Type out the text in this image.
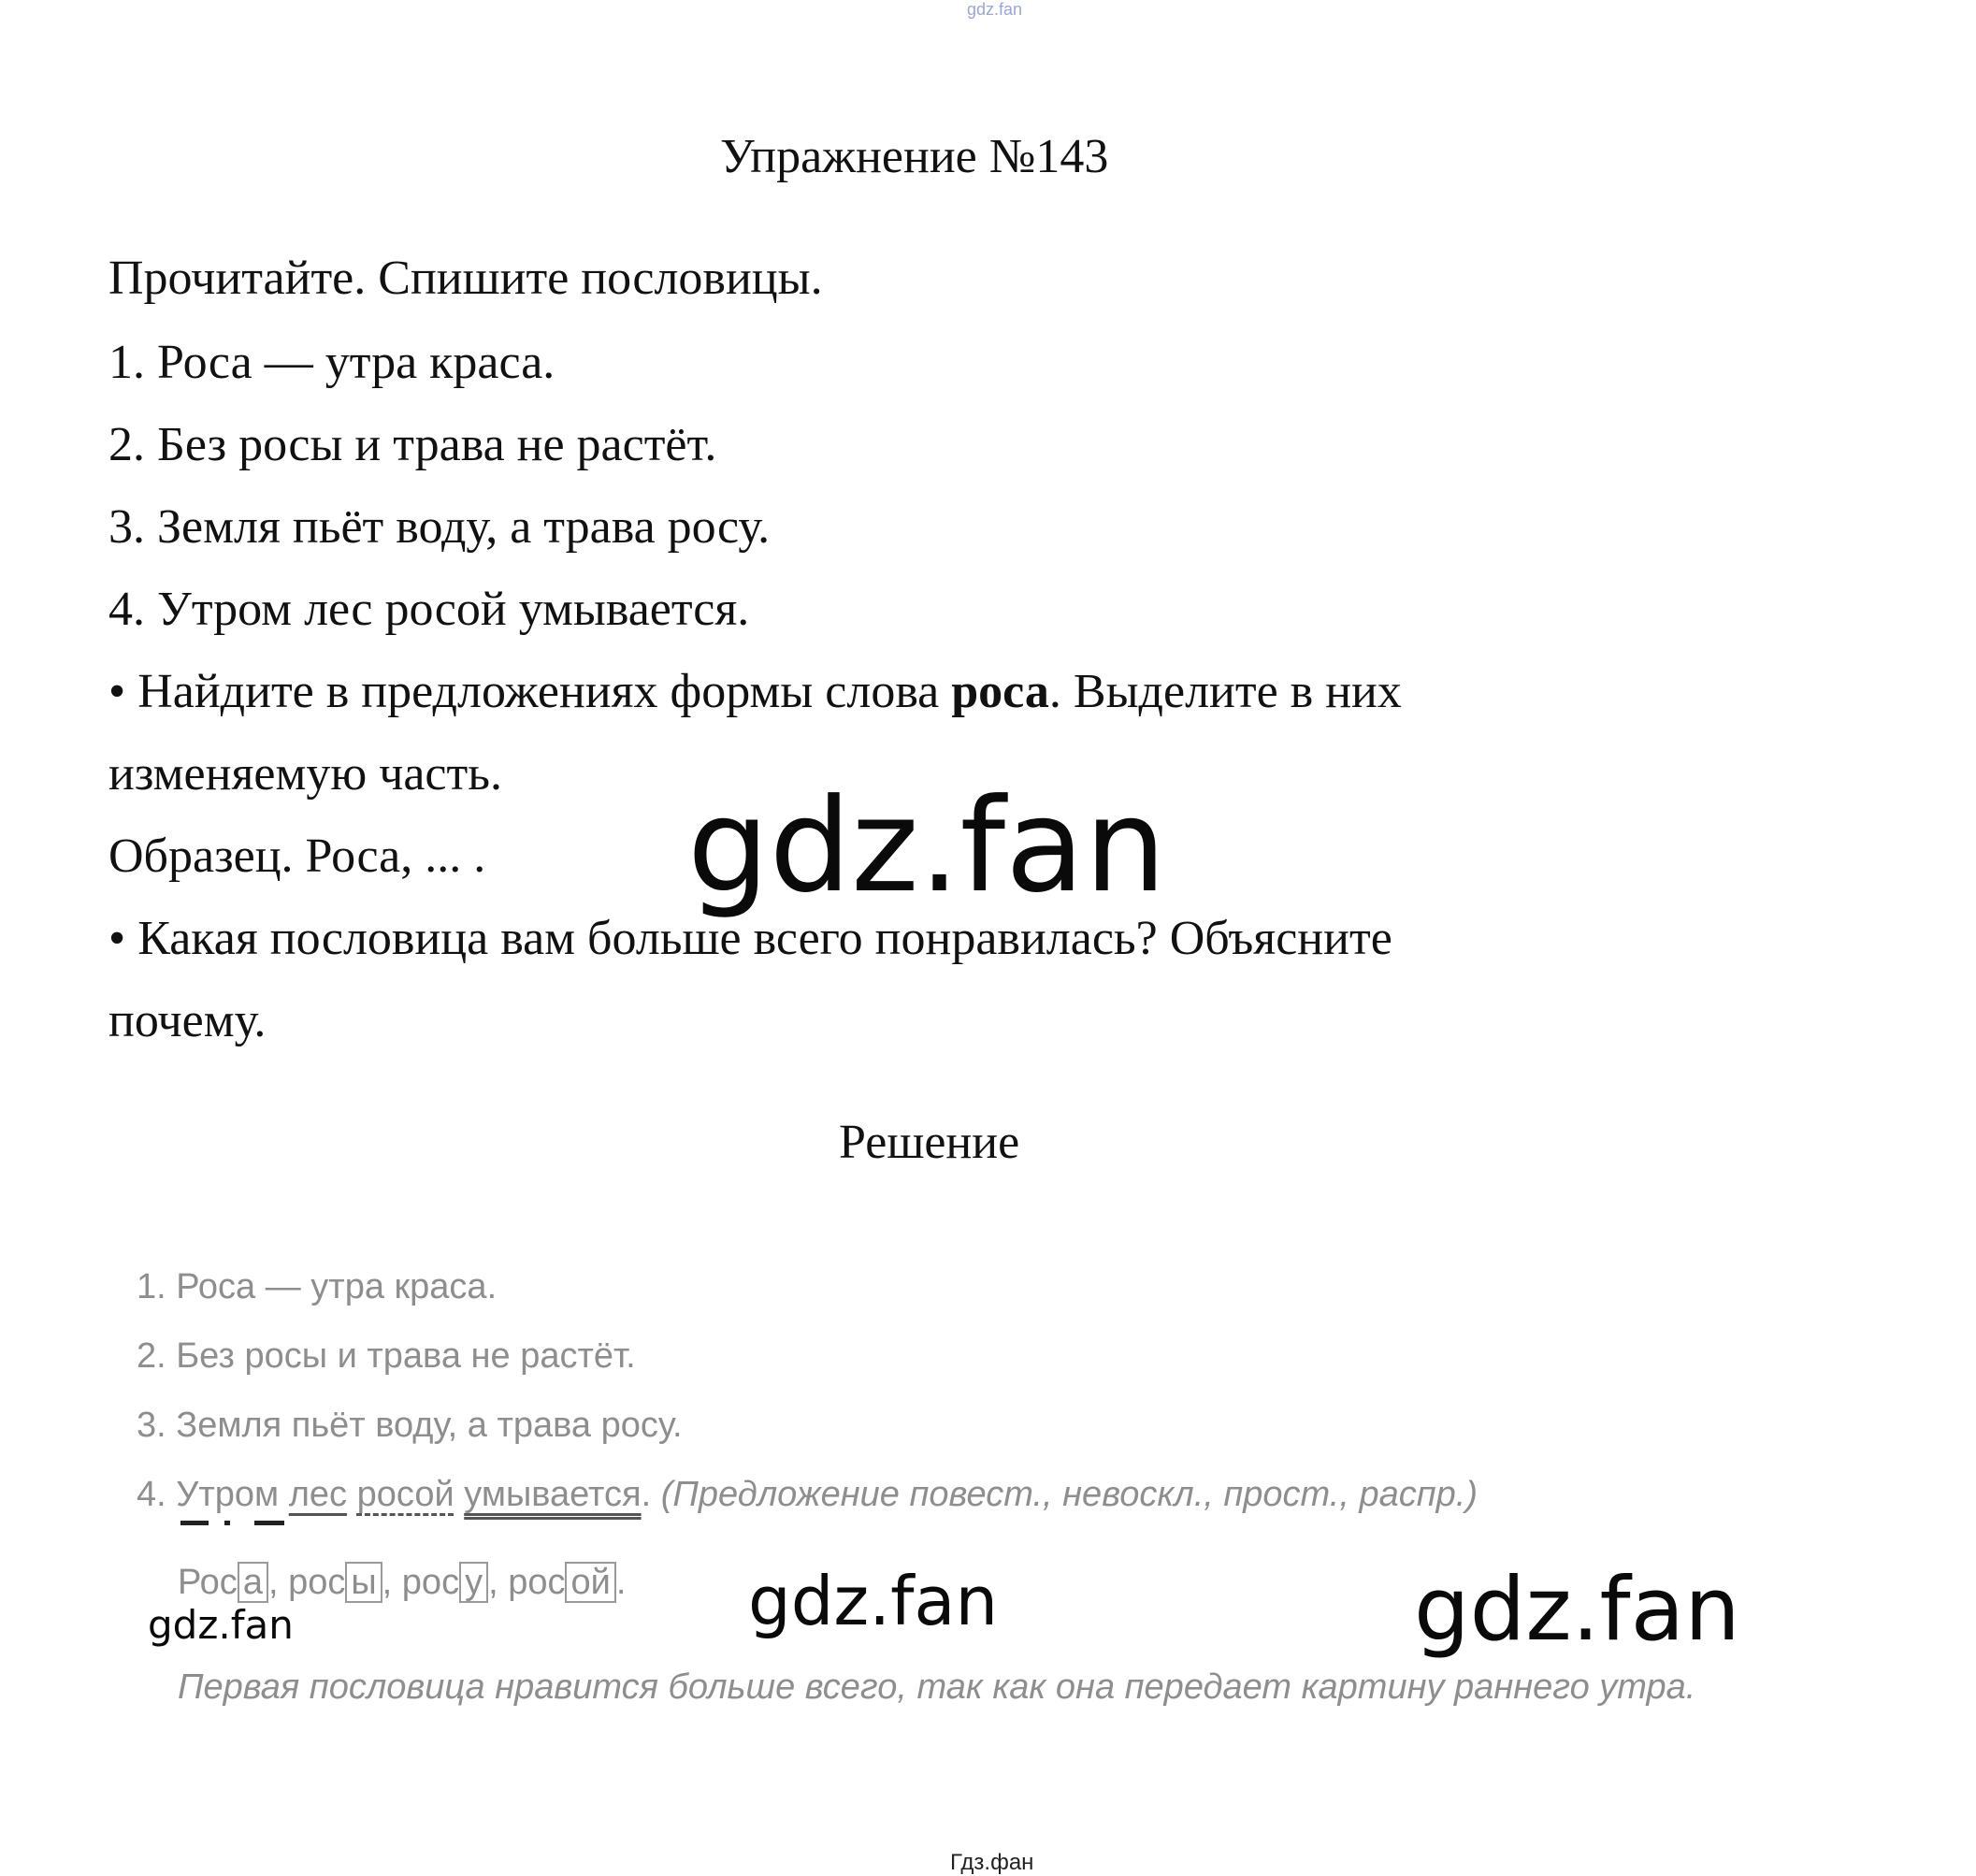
gdz.fan
Упражнение №143
Прочитайте. Спишите пословицы.
1. Роса — утра краса.
2. Без росы и трава не растёт.
3. Земля пьёт воду, а трава росу.
4. Утром лес росой умывается.
• Найдите в предложениях формы слова роса. Выделите в них
изменяемую часть.
Образец. Роса, ... .
• Какая пословица вам больше всего понравилась? Объясните
почему.
gdz.fan
Решение
1. Роса — утра краса.
2. Без росы и трава не растёт.
3. Земля пьёт воду, а трава росу.
4. Утром лес росой умывается. (Предложение повест., невоскл., прост., распр.)
Рос а , рос ы , рос у , рос ой .
gdz.fan	gdz.fan	gdz.fan
Первая пословица нравится больше всего, так как она передает картину раннего утра.
Гдз.фан
